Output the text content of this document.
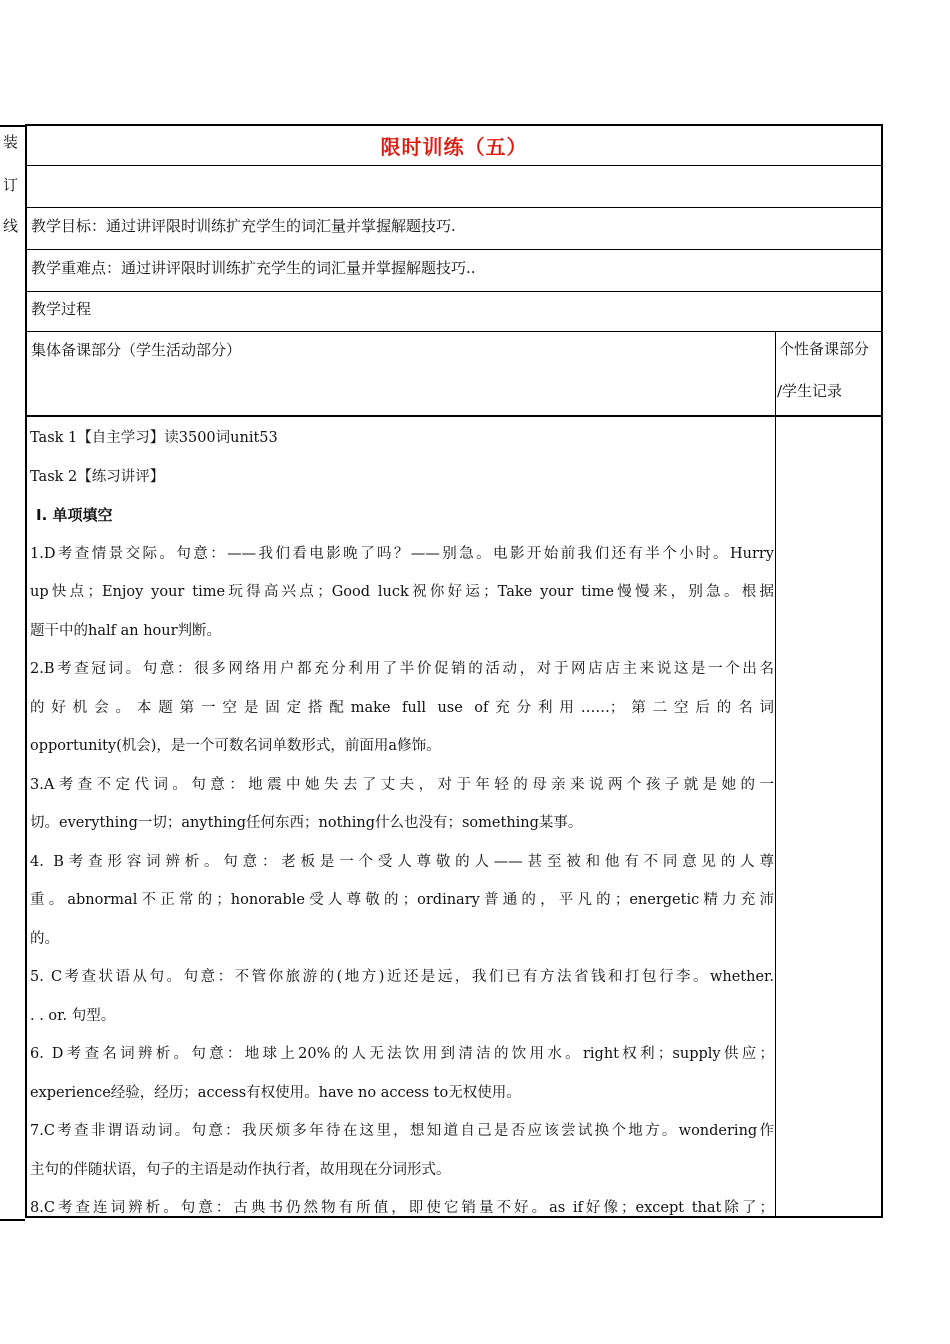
装
订
线
限时训练（五）
教学目标：通过讲评限时训练扩充学生的词汇量并掌握解题技巧.
教学重难点：通过讲评限时训练扩充学生的词汇量并掌握解题技巧..
教学过程
集体备课部分（学生活动部分）	个性备课部分
/学生记录
Task 1【自主学习】读3500词unit53
Task 2【练习讲评】
Ⅰ. 单项填空
1.D考查情景交际。句意：——我们看电影晚了吗？——别急。电影开始前我们还有半个小时。Hurry
up快点；Enjoy your time玩得高兴点；Good luck祝你好运；Take your time慢慢来，别急。根据
题干中的half an hour判断。
2.B考查冠词。句意：很多网络用户都充分利用了半价促销的活动，对于网店店主来说这是一个出名
的好机会。本题第一空是固定搭配make full use of充分利用……；第二空后的名词
opportunity(机会)，是一个可数名词单数形式，前面用a修饰。
3.A考查不定代词。句意：地震中她失去了丈夫，对于年轻的母亲来说两个孩子就是她的一
切。everything一切；anything任何东西；nothing什么也没有；something某事。
4. B考查形容词辨析。句意：老板是一个受人尊敬的人——甚至被和他有不同意见的人尊
重。abnormal不正常的；honorable受人尊敬的；ordinary普通的，平凡的；energetic精力充沛
的。
5. C考查状语从句。句意：不管你旅游的(地方)近还是远，我们已有方法省钱和打包行李。whether.
. . or. 句型。
6. D考查名词辨析。句意：地球上20%的人无法饮用到清洁的饮用水。right权利；supply供应；
experience经验，经历；access有权使用。have no access to无权使用。
7.C考查非谓语动词。句意：我厌烦多年待在这里，想知道自己是否应该尝试换个地方。wondering作
主句的伴随状语，句子的主语是动作执行者，故用现在分词形式。
8.C考查连词辨析。句意：古典书仍然物有所值，即使它销量不好。as if好像；except that除了；
